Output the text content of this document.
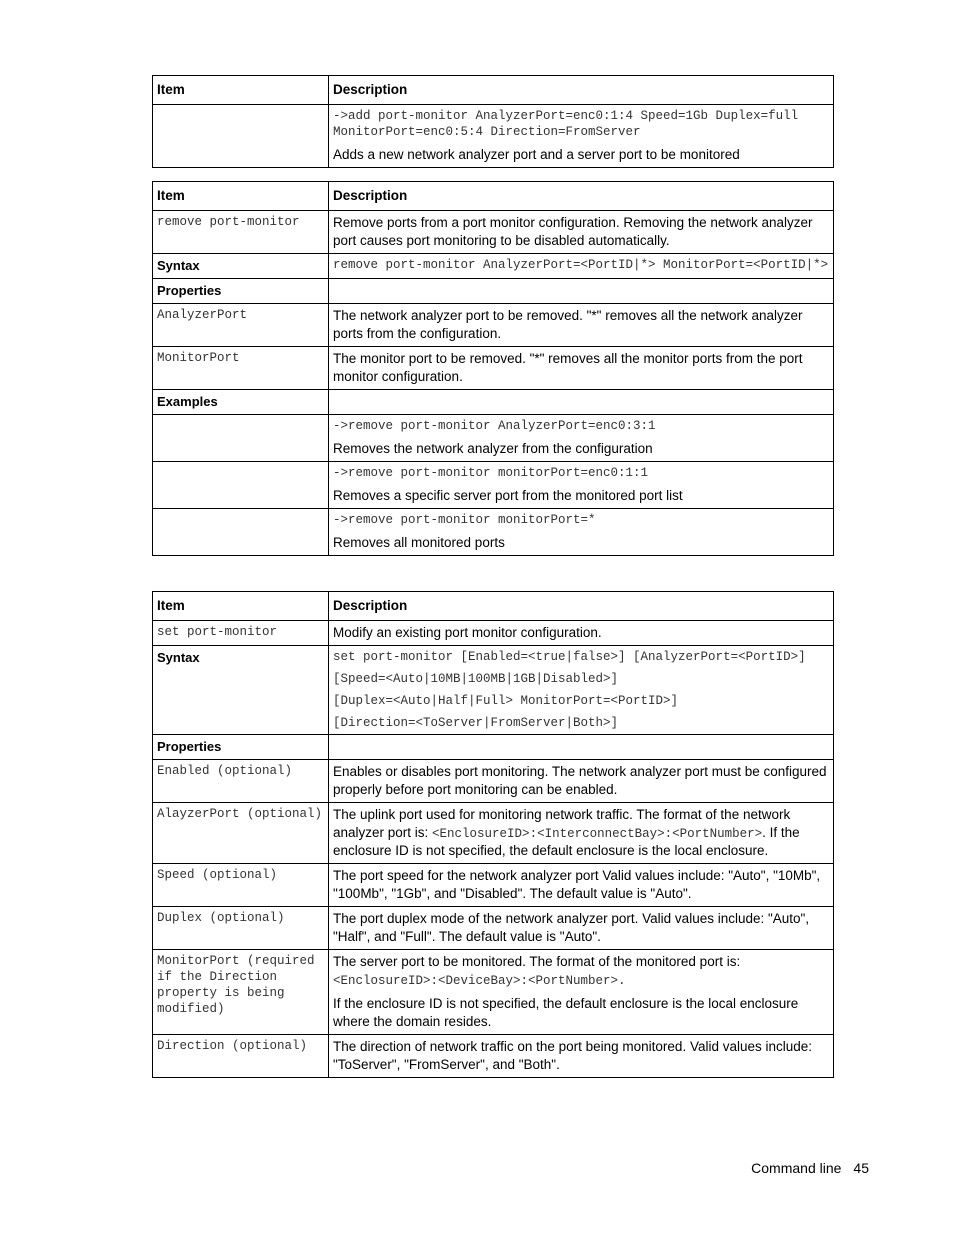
Item	Description

	->add port-monitor AnalyzerPort=enc0:1:4 Speed=1Gb Duplex=full MonitorPort=enc0:5:4 Direction=FromServer
Adds a new network analyzer port and a server port to be monitored
Item	Description
remove port-monitor	Remove ports from a port monitor configuration. Removing the network analyzer port causes port monitoring to be disabled automatically.
Syntax	remove port-monitor AnalyzerPort=<PortID|*> MonitorPort=<PortID|*>
Properties	
AnalyzerPort	The network analyzer port to be removed. "*" removes all the network analyzer ports from the configuration.
MonitorPort	The monitor port to be removed. "*" removes all the monitor ports from the port monitor configuration.
Examples	

	->remove port-monitor AnalyzerPort=enc0:3:1
Removes the network analyzer from the configuration

	->remove port-monitor monitorPort=enc0:1:1
Removes a specific server port from the monitored port list

	->remove port-monitor monitorPort=*
Removes all monitored ports
Item	Description
set port-monitor	Modify an existing port monitor configuration.
Syntax	set port-monitor [Enabled=<true|false>] [AnalyzerPort=<PortID>]
[Speed=<Auto|10MB|100MB|1GB|Disabled>]
[Duplex=<Auto|Half|Full> MonitorPort=<PortID>]
[Direction=<ToServer|FromServer|Both>]

Properties	
Enabled (optional)	Enables or disables port monitoring. The network analyzer port must be configured properly before port monitoring can be enabled.
AlayzerPort (optional)	The uplink port used for monitoring network traffic. The format of the network analyzer port is: <EnclosureID>:<InterconnectBay>:<PortNumber>. If the enclosure ID is not specified, the default enclosure is the local enclosure.
Speed (optional)	The port speed for the network analyzer port Valid values include: "Auto", "10Mb", "100Mb", "1Gb", and "Disabled". The default value is "Auto".
Duplex (optional)	The port duplex mode of the network analyzer port. Valid values include: "Auto", "Half", and "Full". The default value is "Auto".
MonitorPort (required if the Direction property is being modified)	The server port to be monitored. The format of the monitored port is:
<EnclosureID>:<DeviceBay>:<PortNumber>.
If the enclosure ID is not specified, the default enclosure is the local enclosure where the domain resides.

Direction (optional)	The direction of network traffic on the port being monitored. Valid values include: "ToServer", "FromServer", and "Both".
Command line 45
